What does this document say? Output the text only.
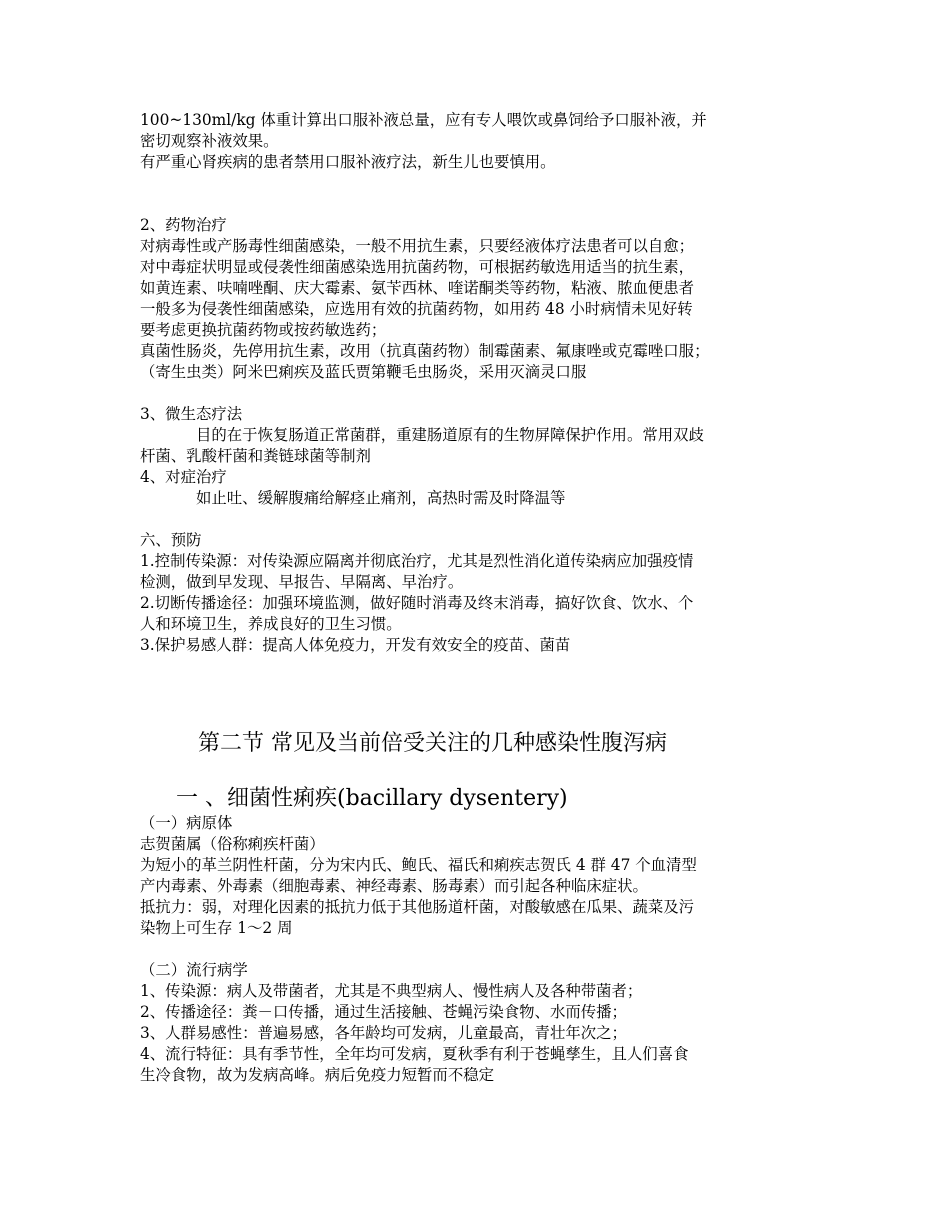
100~130ml/kg 体重计算出口服补液总量，应有专人喂饮或鼻饲给予口服补液，并
密切观察补液效果。
有严重心肾疾病的患者禁用口服补液疗法，新生儿也要慎用。
2、药物治疗
对病毒性或产肠毒性细菌感染，一般不用抗生素，只要经液体疗法患者可以自愈；
对中毒症状明显或侵袭性细菌感染选用抗菌药物，可根据药敏选用适当的抗生素，
如黄连素、呋喃唑酮、庆大霉素、氨苄西林、喹诺酮类等药物，粘液、脓血便患者
一般多为侵袭性细菌感染，应选用有效的抗菌药物，如用药 48 小时病情未见好转
要考虑更换抗菌药物或按药敏选药；
真菌性肠炎，先停用抗生素，改用（抗真菌药物）制霉菌素、氟康唑或克霉唑口服；
（寄生虫类）阿米巴痢疾及蓝氏贾第鞭毛虫肠炎，采用灭滴灵口服
3、微生态疗法
目的在于恢复肠道正常菌群，重建肠道原有的生物屏障保护作用。常用双歧
杆菌、乳酸杆菌和粪链球菌等制剂
4、对症治疗
如止吐、缓解腹痛给解痉止痛剂，高热时需及时降温等
六、预防
1.控制传染源：对传染源应隔离并彻底治疗，尤其是烈性消化道传染病应加强疫情
检测，做到早发现、早报告、早隔离、早治疗。
2.切断传播途径：加强环境监测，做好随时消毒及终末消毒，搞好饮食、饮水、个
人和环境卫生，养成良好的卫生习惯。
3.保护易感人群：提高人体免疫力，开发有效安全的疫苗、菌苗
第二节 常见及当前倍受关注的几种感染性腹泻病
一 、细菌性痢疾(bacillary dysentery)
（一）病原体
志贺菌属（俗称痢疾杆菌）
为短小的革兰阴性杆菌，分为宋内氏、鲍氏、福氏和痢疾志贺氏 4 群 47 个血清型
产内毒素、外毒素（细胞毒素、神经毒素、肠毒素）而引起各种临床症状。
抵抗力：弱，对理化因素的抵抗力低于其他肠道杆菌，对酸敏感在瓜果、蔬菜及污
染物上可生存 1～2 周
（二）流行病学
1、传染源：病人及带菌者，尤其是不典型病人、慢性病人及各种带菌者；
2、传播途径：粪－口传播，通过生活接触、苍蝇污染食物、水而传播；
3、人群易感性：普遍易感，各年龄均可发病，儿童最高，青壮年次之；
4、流行特征：具有季节性，全年均可发病，夏秋季有利于苍蝇孳生，且人们喜食
生冷食物，故为发病高峰。病后免疫力短暂而不稳定
